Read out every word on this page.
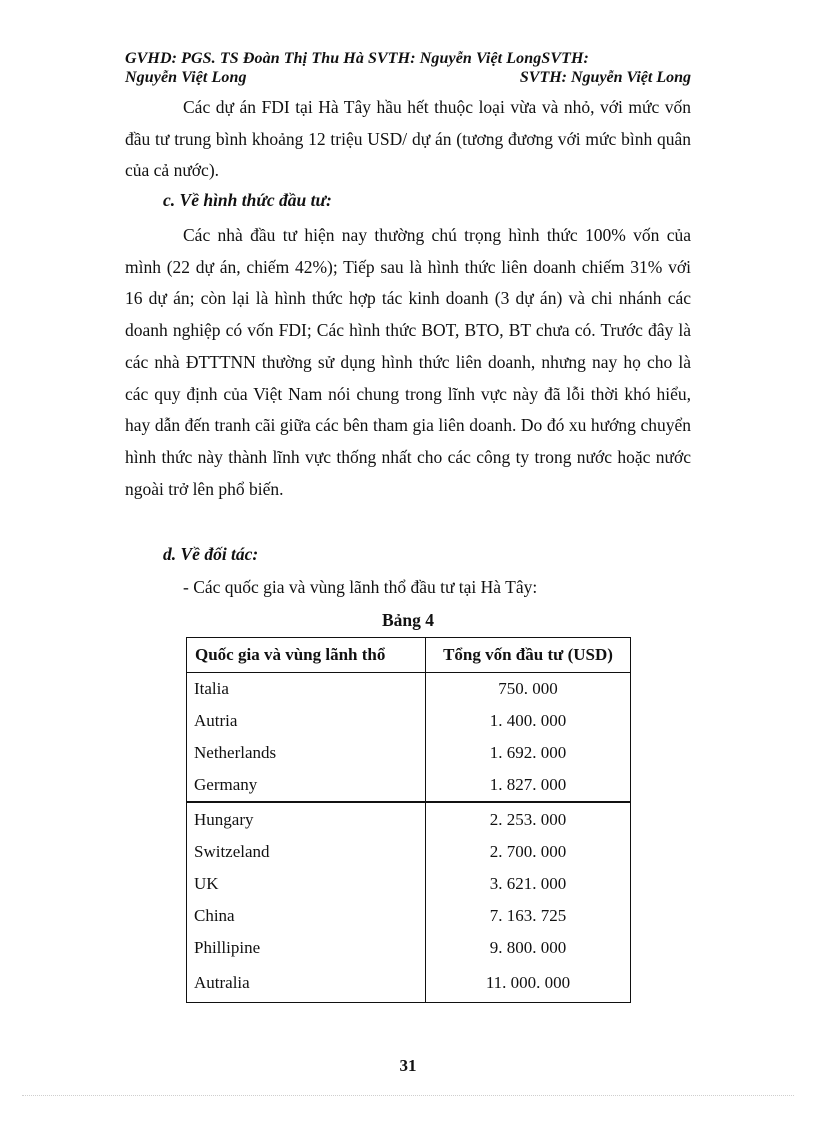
GVHD: PGS. TS Đoàn Thị Thu Hà SVTH: Nguyễn Việt LongSVTH:
Nguyễn Việt Long	SVTH: Nguyễn Việt Long
Các dự án FDI tại Hà Tây hầu hết thuộc loại vừa và nhỏ, với mức vốn đầu tư trung bình khoảng 12 triệu USD/ dự án (tương đương với mức bình quân của cả nước).
c. Về hình thức đầu tư:
Các nhà đầu tư hiện nay thường chú trọng hình thức 100% vốn của mình (22 dự án, chiếm 42%); Tiếp sau là hình thức liên doanh chiếm 31% với 16 dự án; còn lại là hình thức hợp tác kinh doanh (3 dự án) và chi nhánh các doanh nghiệp có vốn FDI; Các hình thức BOT, BTO, BT chưa có. Trước đây là các nhà ĐTTTNN thường sử dụng hình thức liên doanh, nhưng nay họ cho là các quy định của Việt Nam nói chung trong lĩnh vực này đã lỗi thời khó hiểu, hay dẫn đến tranh cãi giữa các bên tham gia liên doanh. Do đó xu hướng chuyển hình thức này thành lĩnh vực thống nhất cho các công ty trong nước hoặc nước ngoài trở lên phổ biến.
d. Về đối tác:
- Các quốc gia và vùng lãnh thổ đầu tư tại Hà Tây:
Bảng 4
Quốc gia và vùng lãnh thổ	Tổng vốn đầu tư (USD)
Italia	750. 000
Autria	1. 400. 000
Netherlands	1. 692. 000
Germany	1. 827. 000
Hungary	2. 253. 000
Switzeland	2. 700. 000
UK	3. 621. 000
China	7. 163. 725
Phillipine	9. 800. 000
Autralia	11. 000. 000
31
